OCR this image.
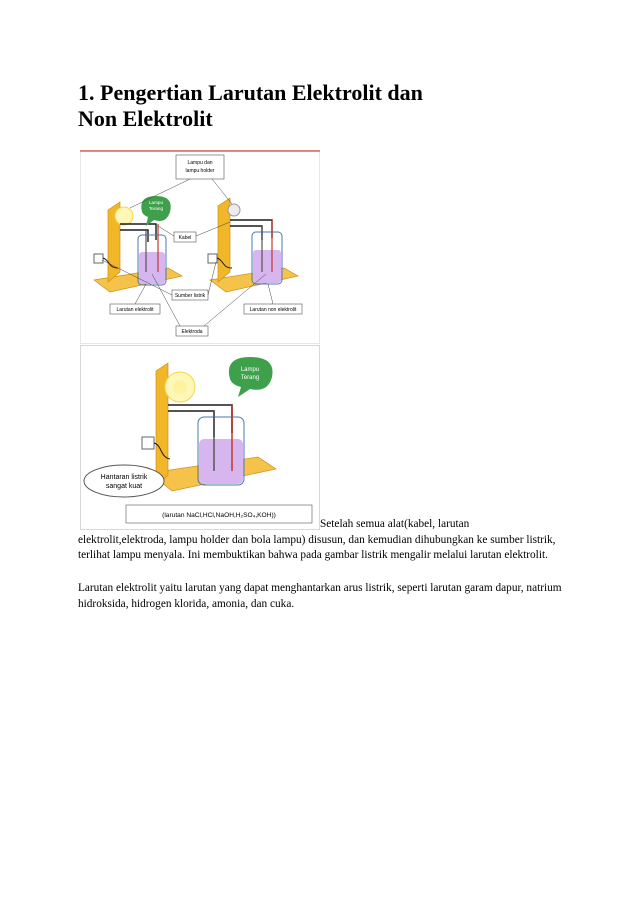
1. Pengertian Larutan Elektrolit dan
Non Elektrolit
Lampu
Terang
Lampu dan
lampu holder
Kabel
Sumber listrik
Larutan elektrolit	Larutan non elektrolit
Elektroda
Lampu
Terang
Hantaran listrik
sangat kuat
(larutan NaCl,HCl,NaOH,H₂SO₄,KOH))

Setelah semua alat(kabel, larutan
elektrolit,elektroda, lampu holder dan bola lampu) disusun, dan kemudian dihubungkan ke sumber listrik, terlihat lampu menyala. Ini membuktikan bahwa pada gambar listrik mengalir melalui larutan elektrolit.

Larutan elektrolit yaitu larutan yang dapat menghantarkan arus listrik, seperti larutan garam dapur, natrium hidroksida, hidrogen klorida, amonia, dan cuka.
